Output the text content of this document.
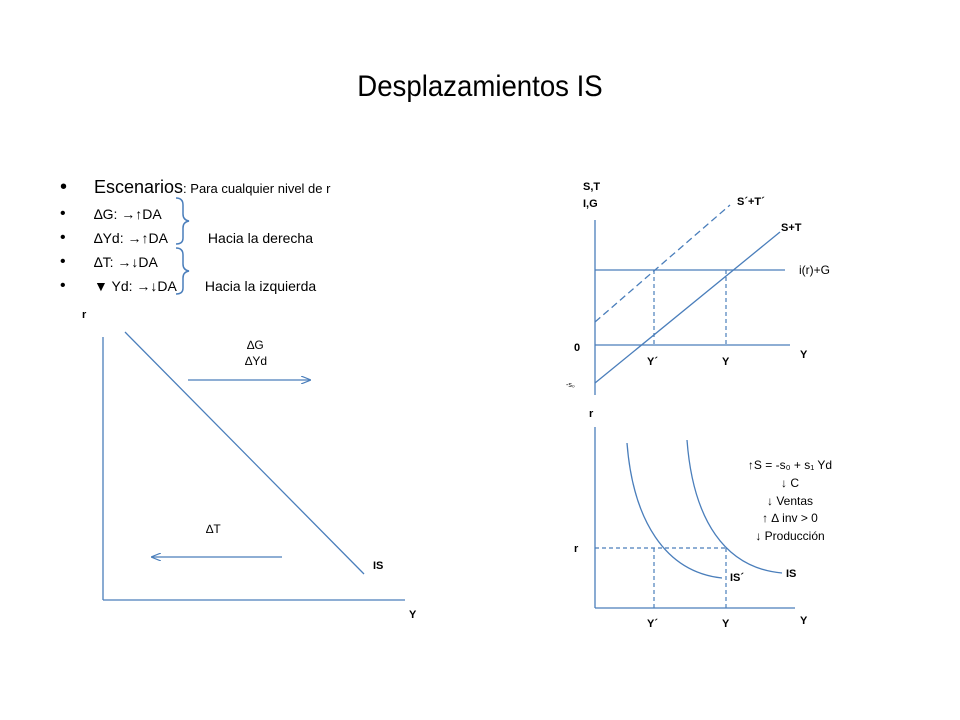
Desplazamientos IS
• Escenarios: Para cualquier nivel de r
• ∆G: →↑DA
• ∆Yd: →↑DA	Hacia la derecha
• ∆T: →↓DA
• ▼ Yd: →↓DA Hacia la izquierda
r
Y
IS
∆G
∆Yd
∆T
S,T
I,G
0
-s₀
S´+T´
S+T
i(r)+G
Y
Y´	Y
r
r
IS
IS´
Y´	Y	Y
↑S = -s₀ + s₁ Yd
↓ C
↓ Ventas
↑ ∆ inv > 0
↓ Producción
